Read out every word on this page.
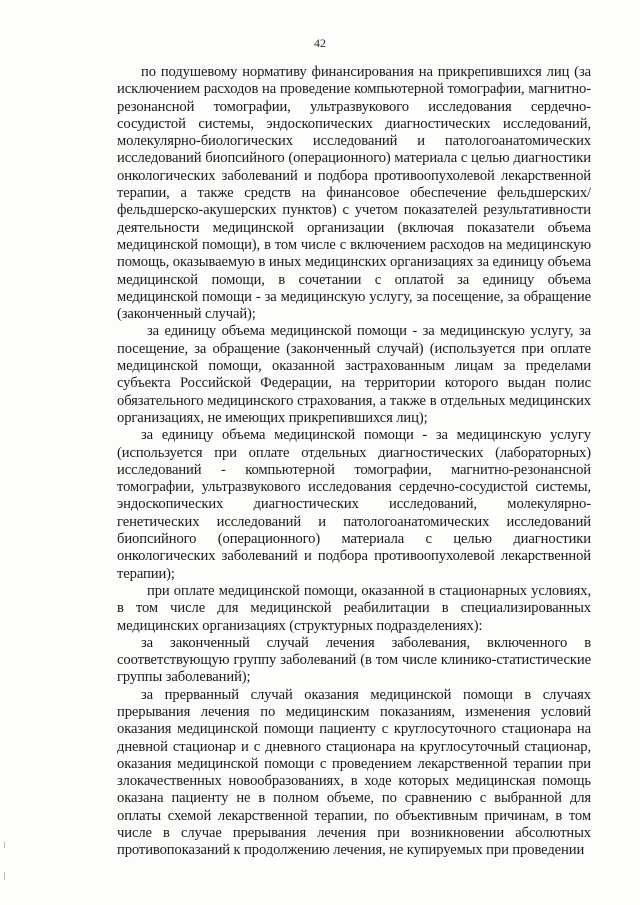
42

по подушевому нормативу финансирования на прикрепившихся лиц (за исключением расходов на проведение компьютерной томографии, магнитно-резонансной томографии, ультразвукового исследования сердечно-сосудистой системы, эндоскопических диагностических исследований, молекулярно-биологических исследований и патологоанатомических исследований биопсийного (операционного) материала с целью диагностики онкологических заболеваний и подбора противоопухолевой лекарственной терапии, а также средств на финансовое обеспечение фельдшерских/фельдшерско-акушерских пунктов) с учетом показателей результативности деятельности медицинской организации (включая показатели объема медицинской помощи), в том числе с включением расходов на медицинскую помощь, оказываемую в иных медицинских организациях за единицу объема медицинской помощи, в сочетании с оплатой за единицу объема медицинской помощи - за медицинскую услугу, за посещение, за обращение (законченный случай);

за единицу объема медицинской помощи - за медицинскую услугу, за посещение, за обращение (законченный случай) (используется при оплате медицинской помощи, оказанной застрахованным лицам за пределами субъекта Российской Федерации, на территории которого выдан полис обязательного медицинского страхования, а также в отдельных медицинских организациях, не имеющих прикрепившихся лиц);

за единицу объема медицинской помощи - за медицинскую услугу (используется при оплате отдельных диагностических (лабораторных) исследований - компьютерной томографии, магнитно-резонансной томографии, ультразвукового исследования сердечно-сосудистой системы, эндоскопических диагностических исследований, молекулярно-генетических исследований и патологоанатомических исследований биопсийного (операционного) материала с целью диагностики онкологических заболеваний и подбора противоопухолевой лекарственной терапии);

при оплате медицинской помощи, оказанной в стационарных условиях, в том числе для медицинской реабилитации в специализированных медицинских организациях (структурных подразделениях):

за законченный случай лечения заболевания, включенного в соответствующую группу заболеваний (в том числе клинико-статистические группы заболеваний);

за прерванный случай оказания медицинской помощи в случаях прерывания лечения по медицинским показаниям, изменения условий оказания медицинской помощи пациенту с круглосуточного стационара на дневной стационар и с дневного стационара на круглосуточный стационар, оказания медицинской помощи с проведением лекарственной терапии при злокачественных новообразованиях, в ходе которых медицинская помощь оказана пациенту не в полном объеме, по сравнению с выбранной для оплаты схемой лекарственной терапии, по объективным причинам, в том числе в случае прерывания лечения при возникновении абсолютных противопоказаний к продолжению лечения, не купируемых при проведении
